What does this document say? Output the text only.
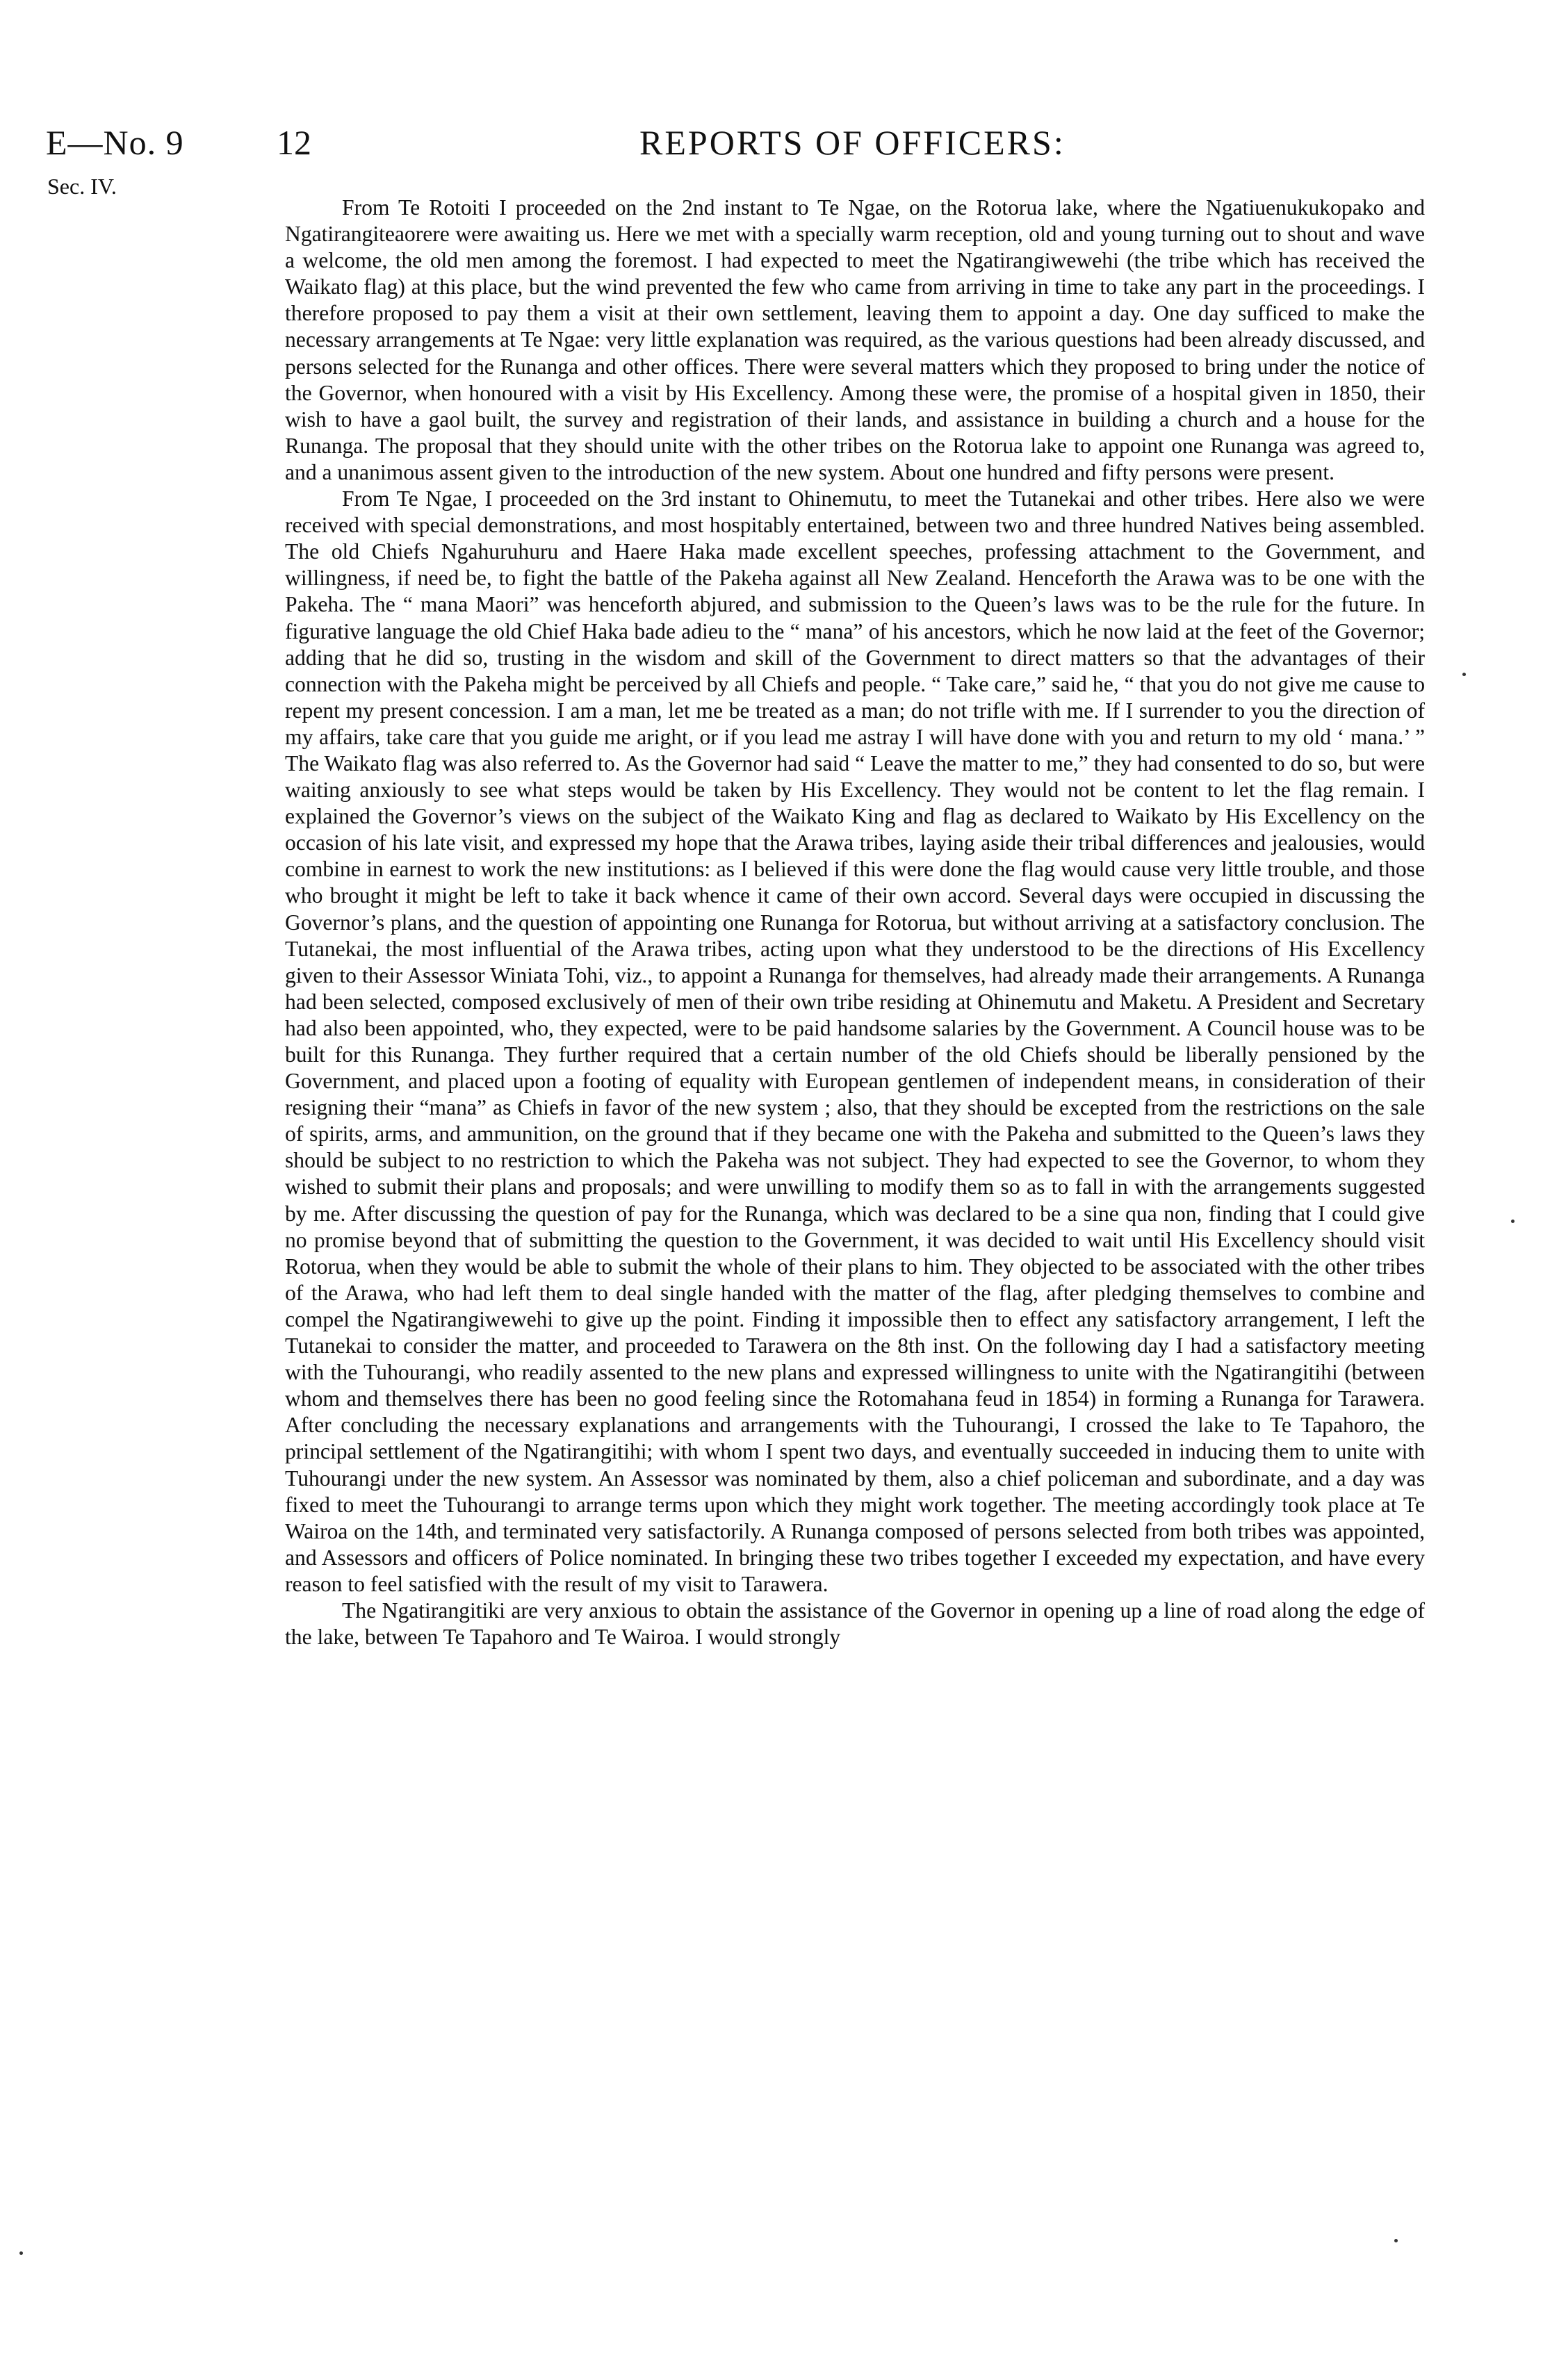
E—No. 9	12	REPORTS OF OFFICERS:
Sec. IV.

From Te Rotoiti I proceeded on the 2nd instant to Te Ngae, on the Rotorua lake, where the Ngatiuenukukopako and Ngatirangiteaorere were awaiting us. Here we met with a specially warm reception, old and young turning out to shout and wave a welcome, the old men among the foremost. I had expected to meet the Ngatirangiwewehi (the tribe which has received the Waikato flag) at this place, but the wind prevented the few who came from arriving in time to take any part in the proceedings. I therefore proposed to pay them a visit at their own settlement, leaving them to appoint a day. One day sufficed to make the necessary arrangements at Te Ngae: very little explanation was required, as the various questions had been already discussed, and persons selected for the Runanga and other offices. There were several matters which they proposed to bring under the notice of the Governor, when honoured with a visit by His Excellency. Among these were, the promise of a hospital given in 1850, their wish to have a gaol built, the survey and registration of their lands, and assistance in building a church and a house for the Runanga. The proposal that they should unite with the other tribes on the Rotorua lake to appoint one Runanga was agreed to, and a unanimous assent given to the introduction of the new system. About one hundred and fifty persons were present.

From Te Ngae, I proceeded on the 3rd instant to Ohinemutu, to meet the Tutanekai and other tribes. Here also we were received with special demonstrations, and most hospitably entertained, between two and three hundred Natives being assembled. The old Chiefs Ngahuruhuru and Haere Haka made excellent speeches, professing attachment to the Government, and willingness, if need be, to fight the battle of the Pakeha against all New Zealand. Henceforth the Arawa was to be one with the Pakeha. The “ mana Maori” was henceforth abjured, and submission to the Queen’s laws was to be the rule for the future. In figurative language the old Chief Haka bade adieu to the “ mana” of his ancestors, which he now laid at the feet of the Governor; adding that he did so, trusting in the wisdom and skill of the Government to direct matters so that the advantages of their connection with the Pakeha might be perceived by all Chiefs and people. “ Take care,” said he, “ that you do not give me cause to repent my present concession. I am a man, let me be treated as a man; do not trifle with me. If I surrender to you the direction of my affairs, take care that you guide me aright, or if you lead me astray I will have done with you and return to my old ‘ mana.’ ” The Waikato flag was also referred to. As the Governor had said “ Leave the matter to me,” they had consented to do so, but were waiting anxiously to see what steps would be taken by His Excellency. They would not be content to let the flag remain. I explained the Governor’s views on the subject of the Waikato King and flag as declared to Waikato by His Excellency on the occasion of his late visit, and expressed my hope that the Arawa tribes, laying aside their tribal differences and jealousies, would combine in earnest to work the new institutions: as I believed if this were done the flag would cause very little trouble, and those who brought it might be left to take it back whence it came of their own accord. Several days were occupied in discussing the Governor’s plans, and the question of appointing one Runanga for Rotorua, but without arriving at a satisfactory conclusion. The Tutanekai, the most influential of the Arawa tribes, acting upon what they understood to be the directions of His Excellency given to their Assessor Winiata Tohi, viz., to appoint a Runanga for themselves, had already made their arrangements. A Runanga had been selected, composed exclusively of men of their own tribe residing at Ohinemutu and Maketu. A President and Secretary had also been appointed, who, they expected, were to be paid handsome salaries by the Government. A Council house was to be built for this Runanga. They further required that a certain number of the old Chiefs should be liberally pensioned by the Government, and placed upon a footing of equality with European gentlemen of independent means, in consideration of their resigning their “mana” as Chiefs in favor of the new system ; also, that they should be excepted from the restrictions on the sale of spirits, arms, and ammunition, on the ground that if they became one with the Pakeha and submitted to the Queen’s laws they should be subject to no restriction to which the Pakeha was not subject. They had expected to see the Governor, to whom they wished to submit their plans and proposals; and were unwilling to modify them so as to fall in with the arrangements suggested by me. After discussing the question of pay for the Runanga, which was declared to be a sine qua non, finding that I could give no promise beyond that of submitting the question to the Government, it was decided to wait until His Excellency should visit Rotorua, when they would be able to submit the whole of their plans to him. They objected to be associated with the other tribes of the Arawa, who had left them to deal single handed with the matter of the flag, after pledging themselves to combine and compel the Ngatirangiwewehi to give up the point. Finding it impossible then to effect any satisfactory arrangement, I left the Tutanekai to consider the matter, and proceeded to Tarawera on the 8th inst. On the following day I had a satisfactory meeting with the Tuhourangi, who readily assented to the new plans and expressed willingness to unite with the Ngatirangitihi (between whom and themselves there has been no good feeling since the Rotomahana feud in 1854) in forming a Runanga for Tarawera. After concluding the necessary explanations and arrangements with the Tuhourangi, I crossed the lake to Te Tapahoro, the principal settlement of the Ngatirangitihi; with whom I spent two days, and eventually succeeded in inducing them to unite with Tuhourangi under the new system. An Assessor was nominated by them, also a chief policeman and subordinate, and a day was fixed to meet the Tuhourangi to arrange terms upon which they might work together. The meeting accordingly took place at Te Wairoa on the 14th, and terminated very satisfactorily. A Runanga composed of persons selected from both tribes was appointed, and Assessors and officers of Police nominated. In bringing these two tribes together I exceeded my expectation, and have every reason to feel satisfied with the result of my visit to Tarawera.

The Ngatirangitiki are very anxious to obtain the assistance of the Governor in opening up a line of road along the edge of the lake, between Te Tapahoro and Te Wairoa. I would strongly
